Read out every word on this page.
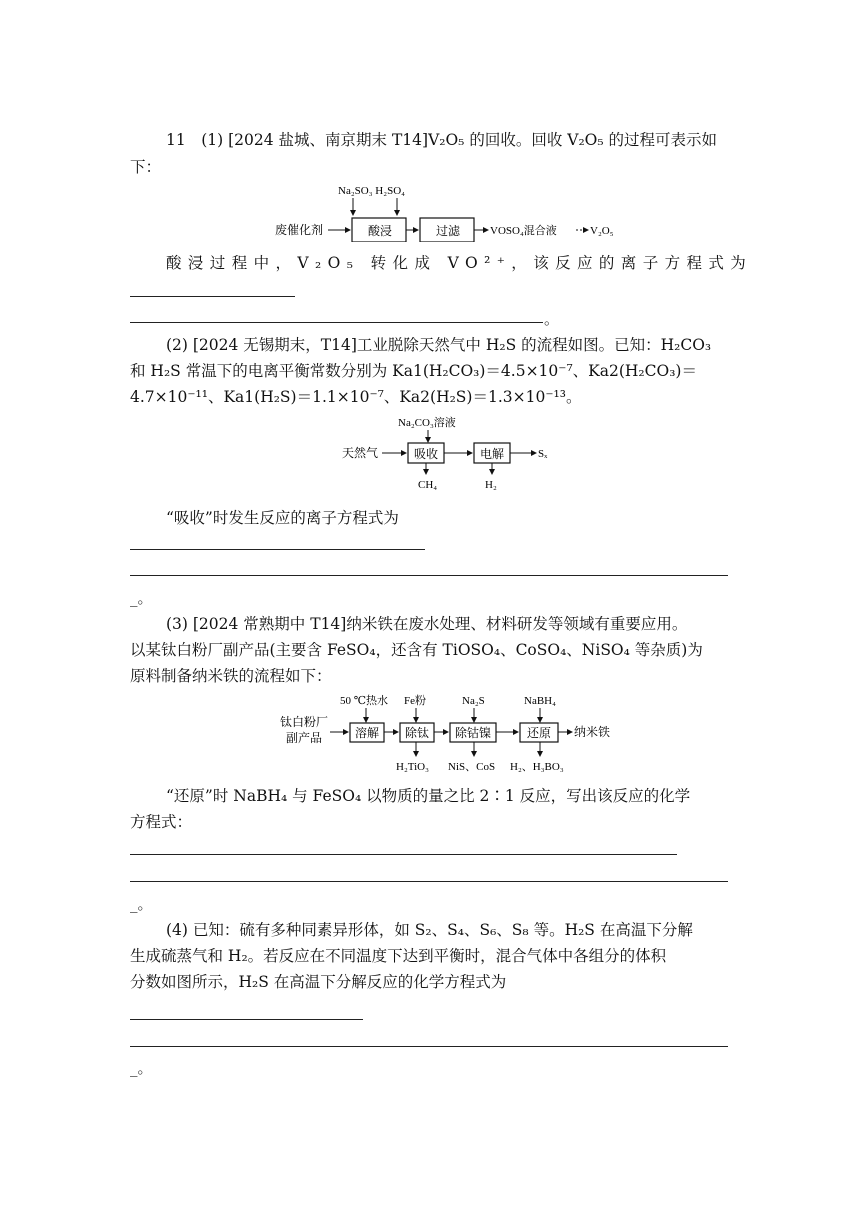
11　(1) [2024 盐城、南京期末 T14]V₂O₅ 的回收。回收 V₂O₅ 的过程可表示如
下：
Na₂SO₃ H₂SO₄
废催化剂	酸浸	过滤	VOSO₄混合液	V₂O₅
酸浸过程中，V₂O₅ 转化成 VO²⁺，该反应的离子方程式为
。
(2) [2024 无锡期末，T14]工业脱除天然气中 H₂S 的流程如图。已知：H₂CO₃
和 H₂S 常温下的电离平衡常数分别为 Ka1(H₂CO₃)＝4.5×10⁻⁷、Ka2(H₂CO₃)＝
4.7×10⁻¹¹、Ka1(H₂S)＝1.1×10⁻⁷、Ka2(H₂S)＝1.3×10⁻¹³。
Na₂CO₃溶液
天然气	吸收	电解	Sₓ
CH₄	H₂
“吸收”时发生反应的离子方程式为
_。
(3) [2024 常熟期中 T14]纳米铁在废水处理、材料研发等领域有重要应用。
以某钛白粉厂副产品(主要含 FeSO₄，还含有 TiOSO₄、CoSO₄、NiSO₄ 等杂质)为
原料制备纳米铁的流程如下：
50 ℃热水 Fe粉	Na₂S	NaBH₄
钛白粉厂
副产品	溶解 除钛 除钴镍	还原 纳米铁
H₂TiO₃ NiS、CoS H₂、H₃BO₃
“还原”时 NaBH₄ 与 FeSO₄ 以物质的量之比 2∶1 反应，写出该反应的化学
方程式：
_。
(4) 已知：硫有多种同素异形体，如 S₂、S₄、S₆、S₈ 等。H₂S 在高温下分解
生成硫蒸气和 H₂。若反应在不同温度下达到平衡时，混合气体中各组分的体积
分数如图所示，H₂S 在高温下分解反应的化学方程式为
_。
